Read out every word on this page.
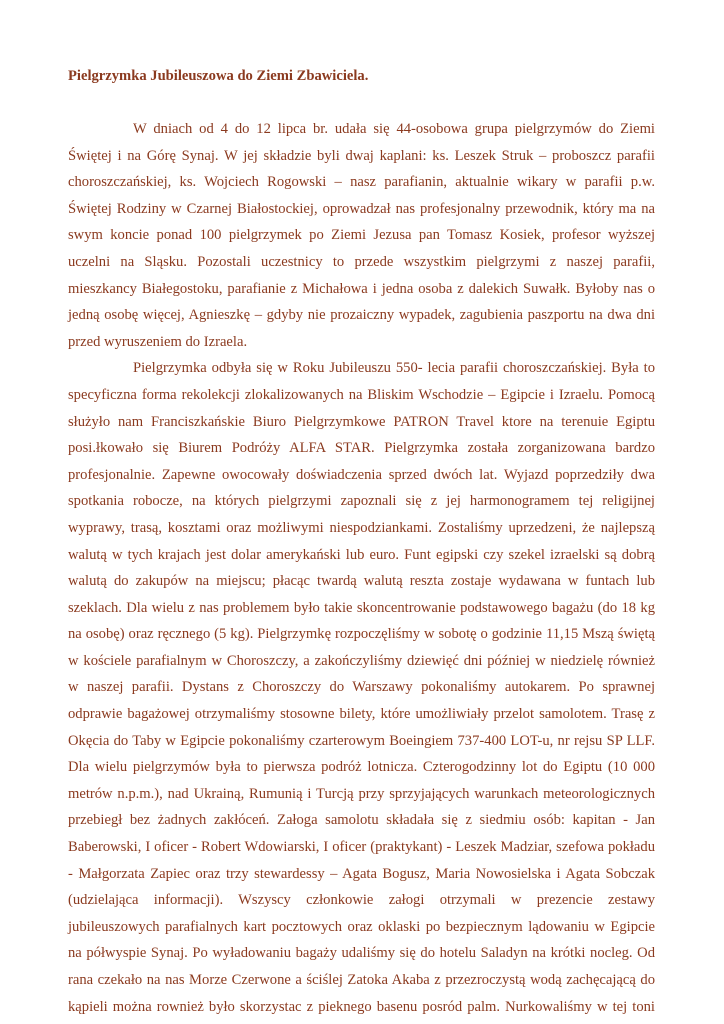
Pielgrzymka Jubileuszowa do Ziemi Zbawiciela.

W dniach od 4 do 12 lipca br. udała się 44-osobowa grupa pielgrzymów do Ziemi
Świętej i na Górę Synaj. W jej składzie byli dwaj kaplani: ks. Leszek Struk – proboszcz parafii
choroszczańskiej, ks. Wojciech Rogowski – nasz parafianin, aktualnie wikary w parafii p.w.
Świętej Rodziny w Czarnej Białostockiej, oprowadzał nas profesjonalny przewodnik, który ma na
swym koncie ponad 100 pielgrzymek po Ziemi Jezusa pan Tomasz Kosiek, profesor wyższej
uczelni na Sląsku. Pozostali uczestnicy to przede wszystkim pielgrzymi z naszej parafii,
mieszkancy Białegostoku, parafianie z Michałowa i jedna osoba z dalekich Suwałk. Byłoby nas o
jedną osobę więcej, Agnieszkę – gdyby nie prozaiczny wypadek, zagubienia paszportu na dwa dni
przed wyruszeniem do Izraela.

Pielgrzymka odbyła się w Roku Jubileuszu 550- lecia parafii choroszczańskiej. Była to
specyficzna forma rekolekcji zlokalizowanych na Bliskim Wschodzie – Egipcie i Izraelu. Pomocą
służyło nam Franciszkańskie Biuro Pielgrzymkowe PATRON Travel ktore na terenuie Egiptu
posi.łkowało się Biurem Podróży ALFA STAR. Pielgrzymka została zorganizowana bardzo
profesjonalnie. Zapewne owocowały doświadczenia sprzed dwóch lat. Wyjazd poprzedziły dwa
spotkania robocze, na których pielgrzymi zapoznali się z jej harmonogramem tej religijnej
wyprawy, trasą, kosztami oraz możliwymi niespodziankami. Zostaliśmy uprzedzeni, że najlepszą
walutą w tych krajach jest dolar amerykański lub euro. Funt egipski czy szekel izraelski są dobrą
walutą do zakupów na miejscu; płacąc twardą walutą reszta zostaje wydawana w funtach lub
szeklach. Dla wielu z nas problemem było takie skoncentrowanie podstawowego bagażu (do 18 kg
na osobę) oraz ręcznego (5 kg). Pielgrzymkę rozpoczęliśmy w sobotę o godzinie 11,15 Mszą świętą
w kościele parafialnym w Choroszczy, a zakończyliśmy dziewięć dni później w niedzielę również
w naszej parafii. Dystans z Choroszczy do Warszawy pokonaliśmy autokarem. Po sprawnej
odprawie bagażowej otrzymaliśmy stosowne bilety, które umożliwiały przelot samolotem. Trasę z
Okęcia do Taby w Egipcie pokonaliśmy czarterowym Boeingiem 737-400 LOT-u, nr rejsu SP LLF.
Dla wielu pielgrzymów była to pierwsza podróż lotnicza. Czterogodzinny lot do Egiptu (10 000
metrów n.p.m.), nad Ukrainą, Rumunią i Turcją przy sprzyjających warunkach meteorologicznych
przebiegł bez żadnych zakłóceń. Załoga samolotu składała się z siedmiu osób: kapitan - Jan
Baberowski, I oficer - Robert Wdowiarski, I oficer (praktykant) - Leszek Madziar, szefowa pokładu
- Małgorzata Zapiec oraz trzy stewardessy – Agata Bogusz, Maria Nowosielska i Agata Sobczak
(udzielająca informacji). Wszyscy członkowie załogi otrzymali w prezencie zestawy
jubileuszowych parafialnych kart pocztowych oraz oklaski po bezpiecznym lądowaniu w Egipcie
na półwyspie Synaj. Po wyładowaniu bagaży udaliśmy się do hotelu Saladyn na krótki nocleg. Od
rana czekało na nas Morze Czerwone a ściślej Zatoka Akaba z przezroczystą wodą zachęcającą do
kąpieli można rownież było skorzystac z pieknego basenu posród palm. Nurkowaliśmy w tej toni
